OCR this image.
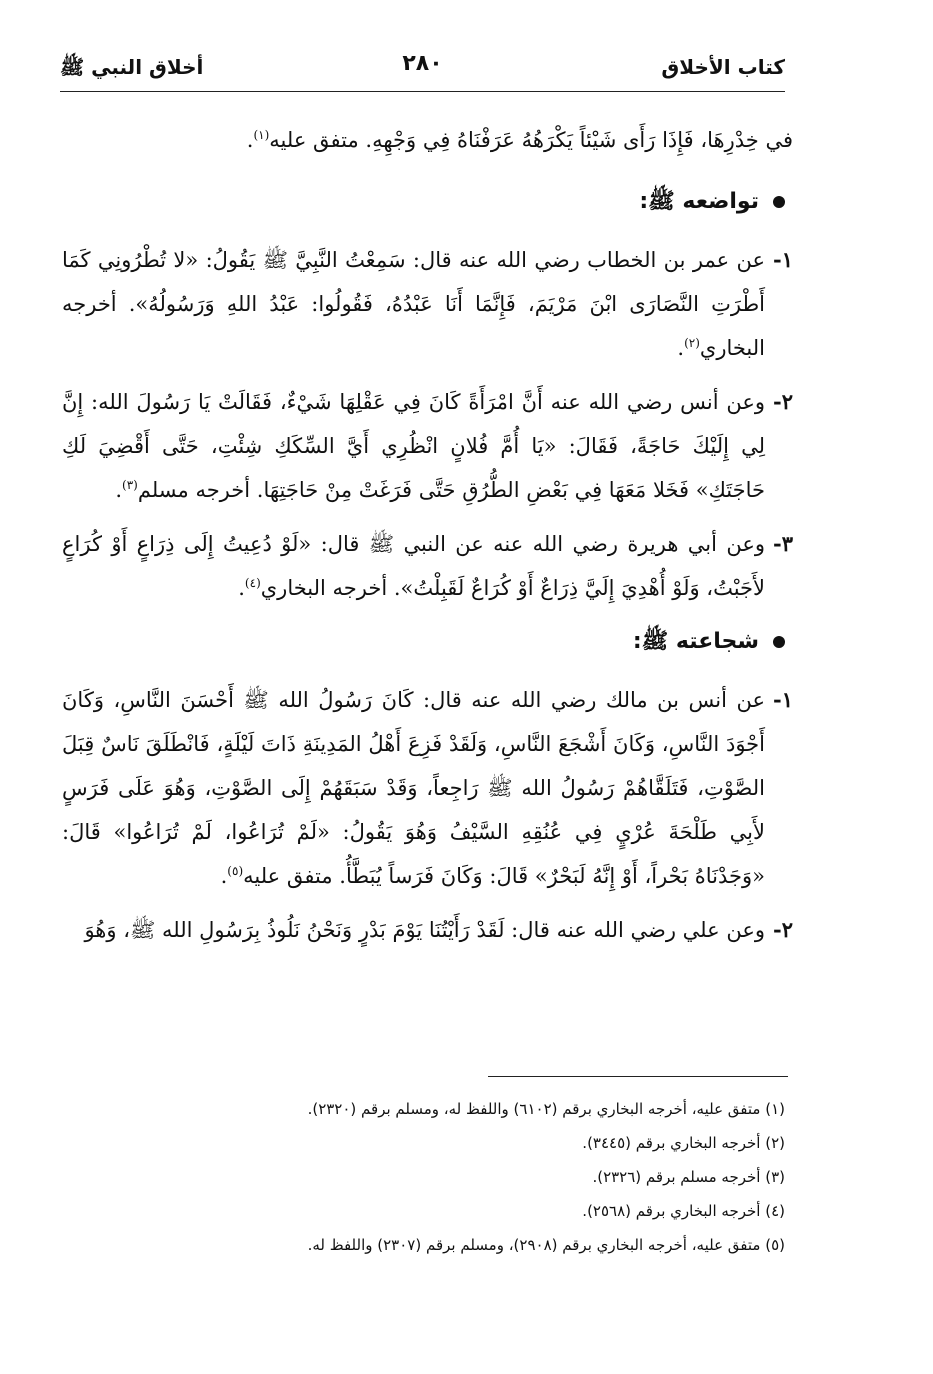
كتاب الأخلاق
٢٨٠
أخلاق النبي ﷺ

في خِدْرِهَا، فَإِذَا رَأَى شَيْئاً يَكْرَهُهُ عَرَفْنَاهُ فِي وَجْهِهِ. متفق عليه$^{(١)}$.

تواضعه ﷺ:
١-
عن عمر بن الخطاب رضي الله عنه قال: سَمِعْتُ النَّبِيَّ ﷺ يَقُولُ: «لا تُطْرُونِي كَمَا أَطْرَتِ النَّصَارَى ابْنَ مَرْيَمَ، فَإِنَّمَا أَنَا عَبْدُهُ، فَقُولُوا: عَبْدُ اللهِ وَرَسُولُهُ». أخرجه البخاري$^{(٢)}$.
٢-
وعن أنس رضي الله عنه أَنَّ امْرَأَةً كَانَ فِي عَقْلِهَا شَيْءٌ، فَقَالَتْ يَا رَسُولَ الله: إِنَّ لِي إِلَيْكَ حَاجَةً، فَقَالَ: «يَا أُمَّ فُلانٍ انْظُرِي أَيَّ السِّكَكِ شِئْتِ، حَتَّى أَقْضِيَ لَكِ حَاجَتَكِ» فَخَلا مَعَهَا فِي بَعْضِ الطُّرُقِ حَتَّى فَرَغَتْ مِنْ حَاجَتِهَا. أخرجه مسلم$^{(٣)}$.
٣-
وعن أبي هريرة رضي الله عنه عن النبي ﷺ قال: «لَوْ دُعِيتُ إِلَى ذِرَاعٍ أَوْ كُرَاعٍ لأَجَبْتُ، وَلَوْ أُهْدِيَ إِلَيَّ ذِرَاعٌ أَوْ كُرَاعٌ لَقَبِلْتُ». أخرجه البخاري$^{(٤)}$.
شجاعته ﷺ:
١-
عن أنس بن مالك رضي الله عنه قال: كَانَ رَسُولُ الله ﷺ أَحْسَنَ النَّاسِ، وَكَانَ أَجْوَدَ النَّاسِ، وَكَانَ أَشْجَعَ النَّاسِ، وَلَقَدْ فَزِعَ أَهْلُ المَدِينَةِ ذَاتَ لَيْلَةٍ، فَانْطَلَقَ نَاسٌ قِبَلَ الصَّوْتِ، فَتَلَقَّاهُمْ رَسُولُ الله ﷺ رَاجِعاً، وَقَدْ سَبَقَهُمْ إِلَى الصَّوْتِ، وَهُوَ عَلَى فَرَسٍ لأَبِي طَلْحَةَ عُرْيٍ فِي عُنُقِهِ السَّيْفُ وَهُوَ يَقُولُ: «لَمْ تُرَاعُوا، لَمْ تُرَاعُوا» قَالَ: «وَجَدْنَاهُ بَحْراً، أَوْ إِنَّهُ لَبَحْرٌ» قَالَ: وَكَانَ فَرَساً يُبَطَّأُ. متفق عليه$^{(٥)}$.
٢-
وعن علي رضي الله عنه قال: لَقَدْ رَأَيْتُنَا يَوْمَ بَدْرٍ وَنَحْنُ نَلُوذُ بِرَسُولِ الله ﷺ، وَهُوَ

(١) متفق عليه، أخرجه البخاري برقم (٦١٠٢) واللفظ له، ومسلم برقم (٢٣٢٠).

(٢) أخرجه البخاري برقم (٣٤٤٥).

(٣) أخرجه مسلم برقم (٢٣٢٦).

(٤) أخرجه البخاري برقم (٢٥٦٨).

(٥) متفق عليه، أخرجه البخاري برقم (٢٩٠٨)، ومسلم برقم (٢٣٠٧) واللفظ له.
